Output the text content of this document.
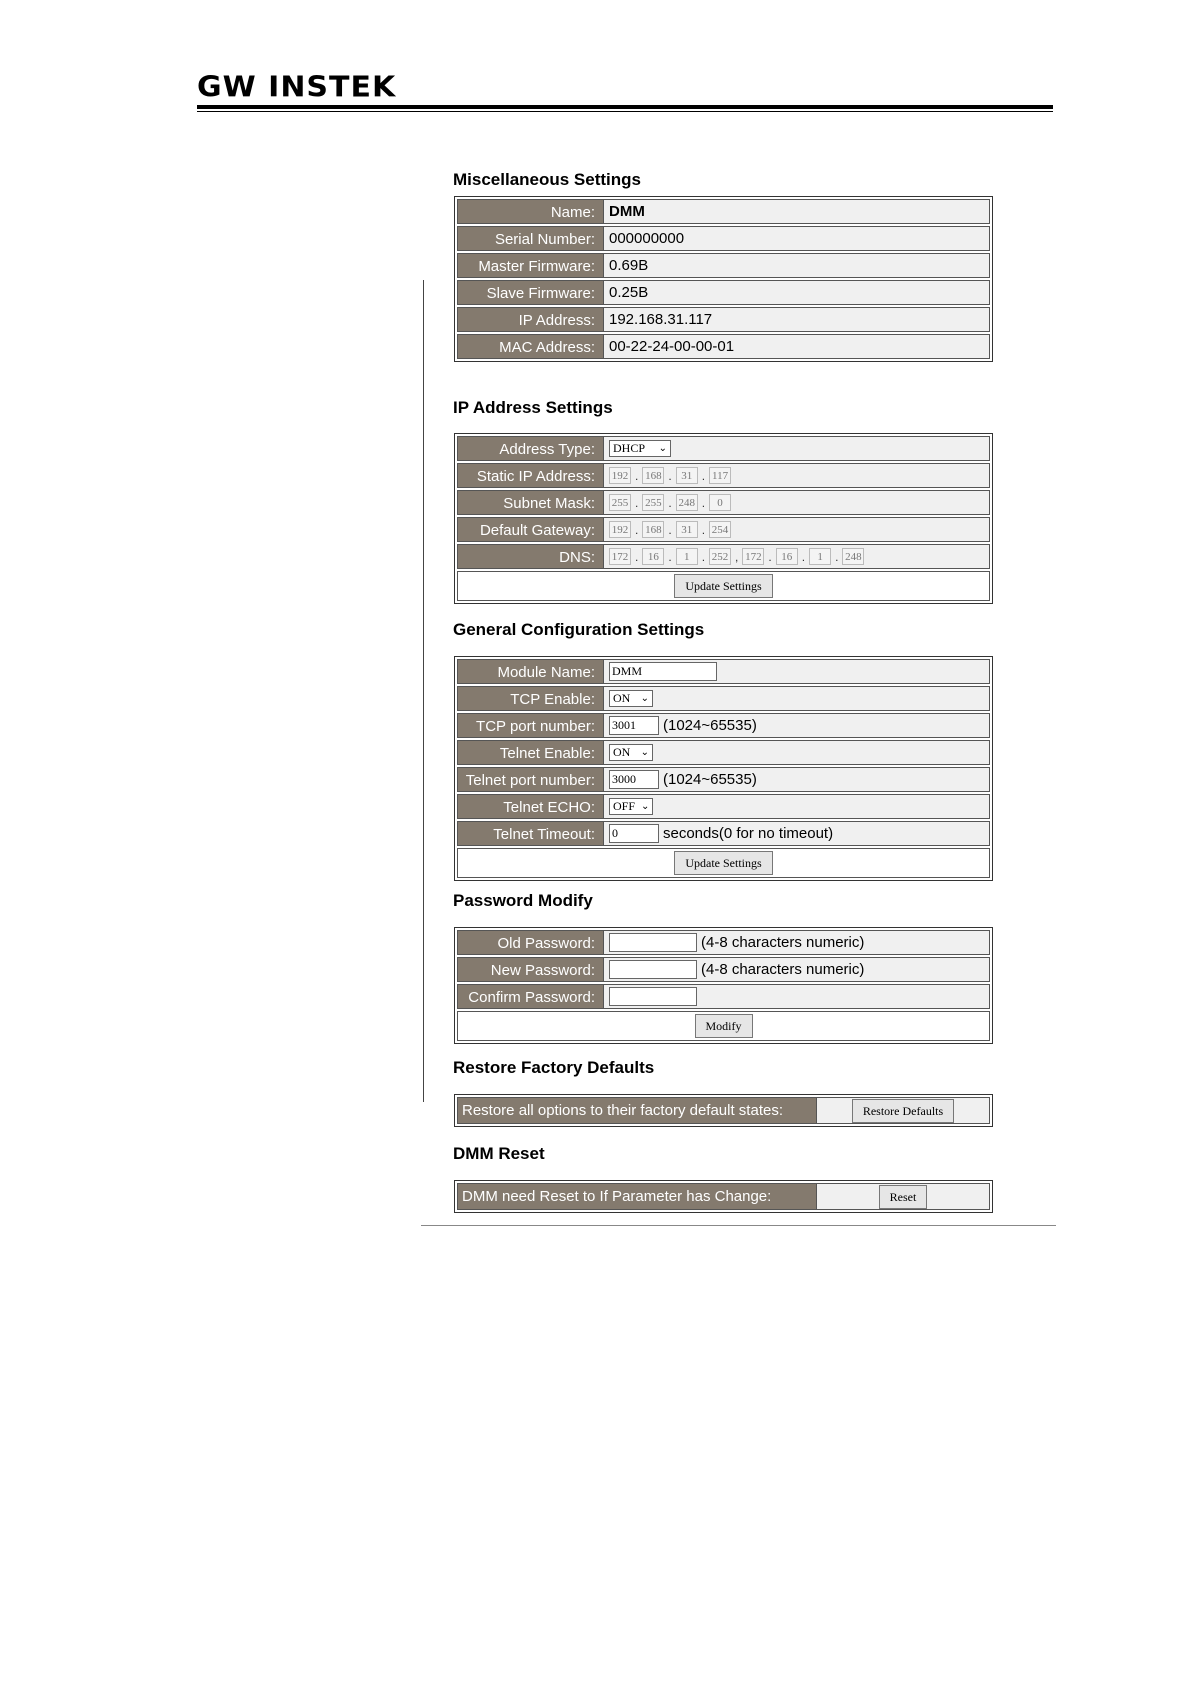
GW INSTEK
Miscellaneous Settings
Name: DMM
Serial Number: 000000000
Master Firmware: 0.69B
Slave Firmware: 0.25B
IP Address: 192.168.31.117
MAC Address: 00-22-24-00-00-01
IP Address Settings
Address Type:	DHCP ⌄
Static IP Address:	192 . 168 . 31 . 117
Subnet Mask:	255 . 255 . 248 .	0
Default Gateway:	192 . 168 . 31 . 254
DNS:	172 . 16 .	1	. 252 , 172 . 16 .	1	. 248
Update Settings
General Configuration Settings
Module Name:	DMM
TCP Enable:	ON ⌄
TCP port number:	3001	(1024~65535)
Telnet Enable:	ON ⌄
Telnet port number:	3000	(1024~65535)
Telnet ECHO:	OFF ⌄
Telnet Timeout:	0	seconds(0 for no timeout)
Update Settings
Password Modify
Old Password:	(4-8 characters numeric)
New Password:	(4-8 characters numeric)
Confirm Password:
Modify
Restore Factory Defaults
Restore all options to their factory default states:	Restore Defaults
DMM Reset
DMM need Reset to If Parameter has Change:	Reset
